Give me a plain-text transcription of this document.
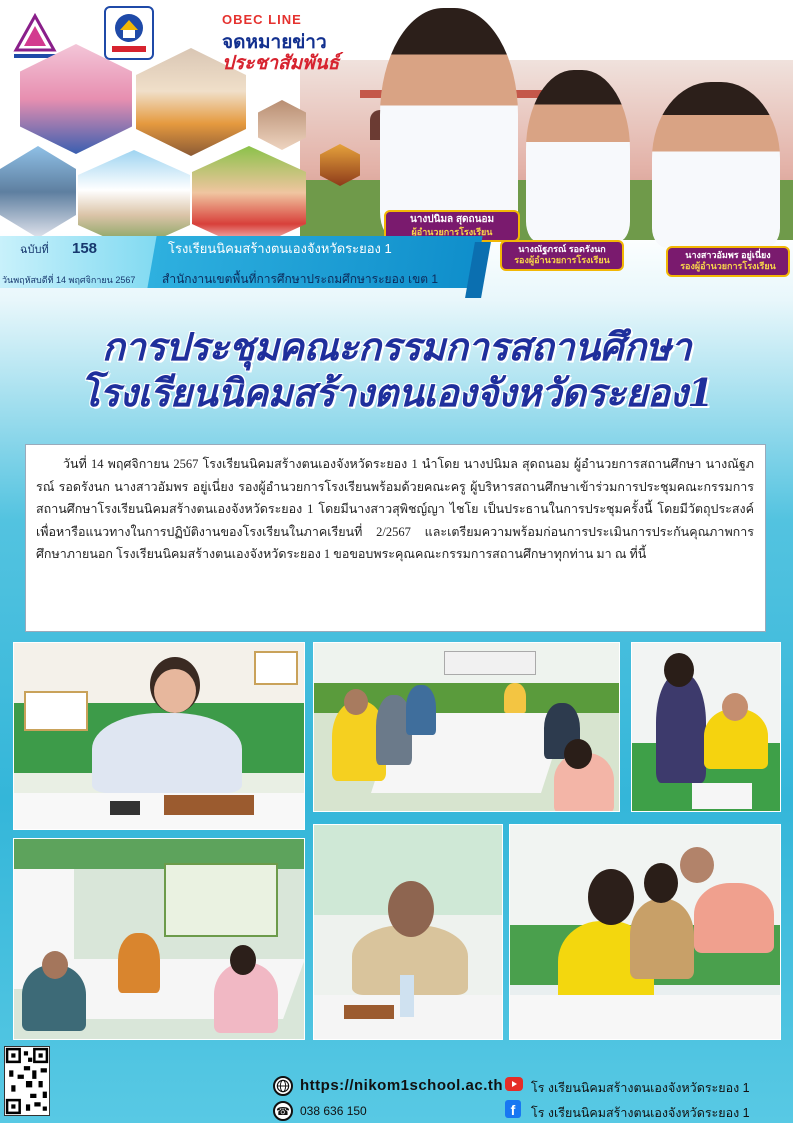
OBEC LINE
จดหมายข่าว
ประชาสัมพันธ์
นางปนิมล สุดถนอม
ผู้อำนวยการโรงเรียน
นางณัฐภรณ์ รอดรังนก
รองผู้อำนวยการโรงเรียน
นางสาวอัมพร อยู่เนี่ยง
รองผู้อำนวยการโรงเรียน
ฉบับที่ 158
วันพฤหัสบดีที่ 14 พฤศจิกายน 2567
โรงเรียนนิคมสร้างตนเองจังหวัดระยอง 1
สำนักงานเขตพื้นที่การศึกษาประถมศึกษาระยอง เขต 1
การประชุมคณะกรรมการสถานศึกษา
โรงเรียนนิคมสร้างตนเองจังหวัดระยอง1
วันที่ 14 พฤศจิกายน 2567 โรงเรียนนิคมสร้างตนเองจังหวัดระยอง 1 นำโดย นางปนิมล สุดถนอม ผู้อำนวยการสถานศึกษา นางณัฐภรณ์ รอดรังนก นางสาวอัมพร อยู่เนี่ยง รองผู้อำนวยการโรงเรียนพร้อมด้วยคณะครู ผู้บริหารสถานศึกษาเข้าร่วมการประชุมคณะกรรมการสถานศึกษาโรงเรียนนิคมสร้างตนเองจังหวัดระยอง 1 โดยมีนางสาวสุพิชญ์ญา ไชโย เป็นประธานในการประชุมครั้งนี้ โดยมีวัตถุประสงค์เพื่อหารือแนวทางในการปฏิบัติงานของโรงเรียนในภาคเรียนที่ 2/2567 และเตรียมความพร้อมก่อนการประเมินการประกันคุณภาพการศึกษาภายนอก โรงเรียนนิคมสร้างตนเองจังหวัดระยอง 1 ขอขอบพระคุณคณะกรรมการสถานศึกษาทุกท่าน มา ณ ที่นี้
https://nikom1school.ac.th
☎ 038 636 150
โร งเรียนนิคมสร้างตนเองจังหวัดระยอง 1
f	โร งเรียนนิคมสร้างตนเองจังหวัดระยอง 1
